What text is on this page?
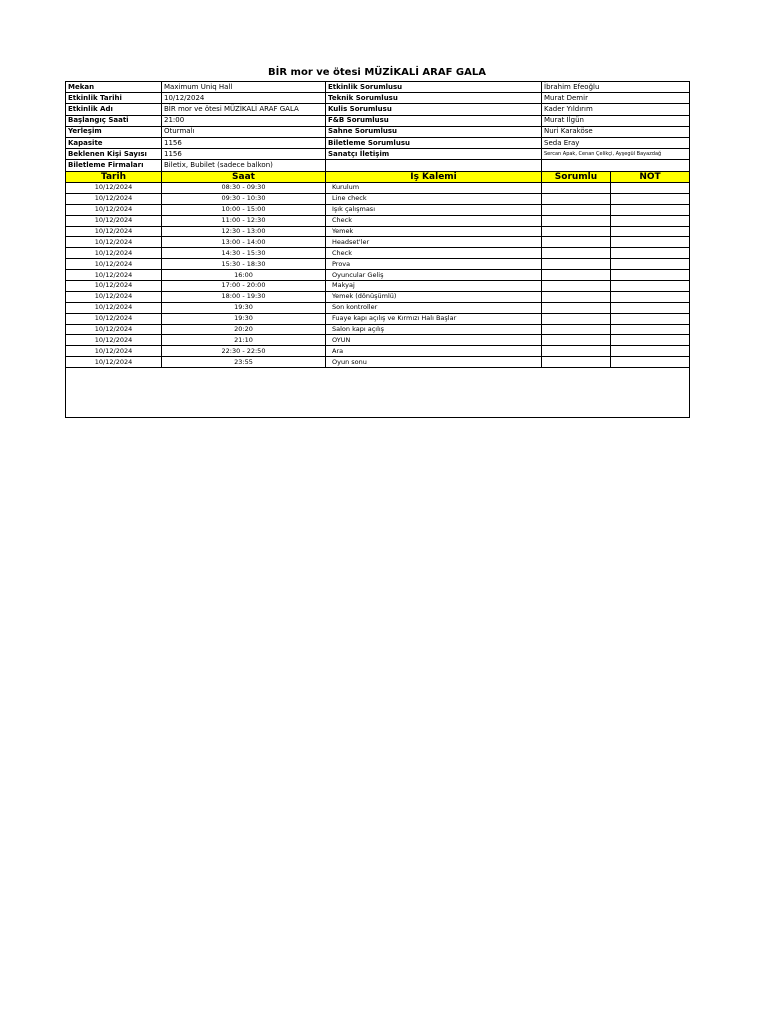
BİR mor ve ötesi MÜZİKALİ ARAF GALA
Mekan	Maximum Uniq Hall	Etkinlik Sorumlusu	İbrahim Efeoğlu
Etkinlik Tarihi	10/12/2024	Teknik Sorumlusu	Murat Demir
Etkinlik Adı	BİR mor ve ötesi MÜZİKALİ ARAF GALA	Kulis Sorumlusu	Kader Yıldırım
Başlangıç Saati	21:00	F&B Sorumlusu	Murat İlgün
Yerleşim	Oturmalı	Sahne Sorumlusu	Nuri Karaköse
Kapasite	1156	Biletleme Sorumlusu	Seda Eray
Beklenen Kişi Sayısı	1156	Sanatçı İletişim	Sercan Apak, Cenan Çelikçi, Ayşegül Bayazdağ
Biletleme Firmaları	Biletix, Bubilet (sadece balkon)		
Tarih	Saat	İş Kalemi	Sorumlu	NOT
10/12/2024	08:30 - 09:30	Kurulum		
10/12/2024	09:30 - 10:30	Line check		
10/12/2024	10:00 - 15:00	Işık çalışması		
10/12/2024	11:00 - 12:30	Check		
10/12/2024	12:30 - 13:00	Yemek		
10/12/2024	13:00 - 14:00	Headset'ler		
10/12/2024	14:30 - 15:30	Check		
10/12/2024	15:30 - 18:30	Prova		
10/12/2024	16:00	Oyuncular Geliş		
10/12/2024	17:00 - 20:00	Makyaj		
10/12/2024	18:00 - 19:30	Yemek (dönüşümlü)		
10/12/2024	19:30	Son kontroller		
10/12/2024	19:30	Fuaye kapı açılış ve Kırmızı Halı Başlar		
10/12/2024	20:20	Salon kapı açılış		
10/12/2024	21:10	OYUN		
10/12/2024	22:30 - 22:50	Ara		
10/12/2024	23:55	Oyun sonu		
